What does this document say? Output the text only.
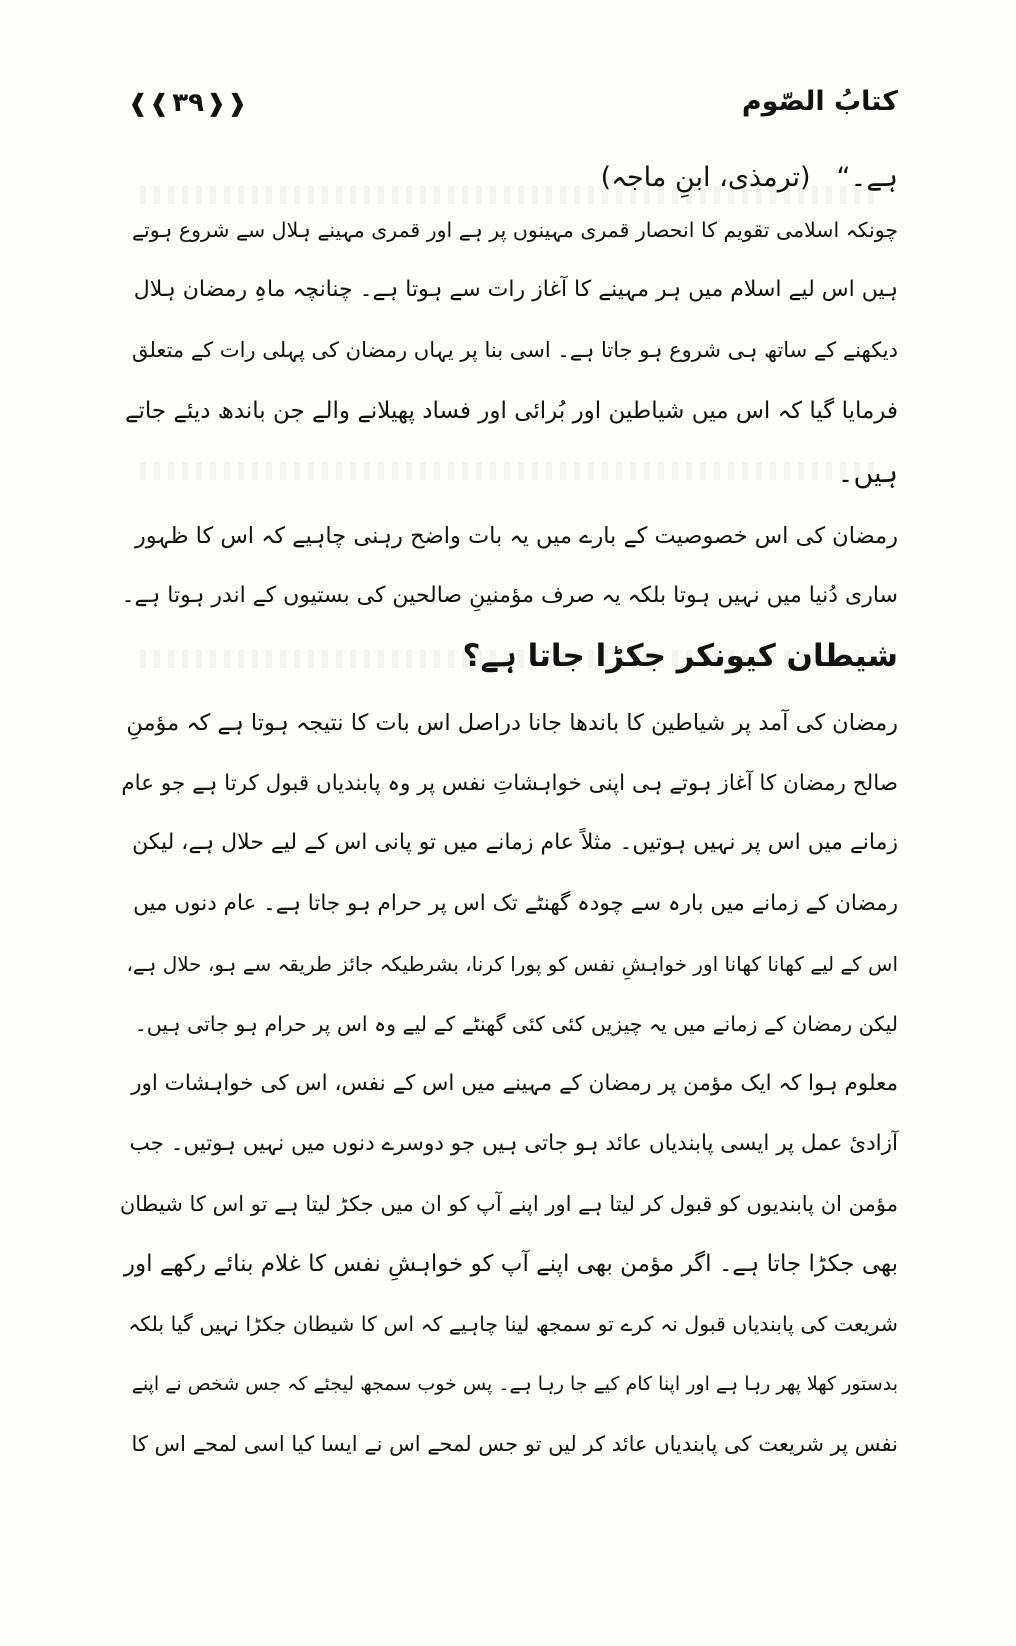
❰❰۳۹❱❱	کتابُ الصّوم
ہے۔“(ترمذی، ابنِ ماجہ)
چونکہ اسلامی تقویم کا انحصار قمری مہینوں پر ہے اور قمری مہینے ہلال سے شروع ہوتے
ہیں اس لیے اسلام میں ہر مہینے کا آغاز رات سے ہوتا ہے۔ چنانچہ ماہِ رمضان ہلال
دیکھنے کے ساتھ ہی شروع ہو جاتا ہے۔ اسی بنا پر یہاں رمضان کی پہلی رات کے متعلق
فرمایا گیا کہ اس میں شیاطین اور بُرائی اور فساد پھیلانے والے جن باندھ دیئے جاتے
ہیں۔
رمضان کی اس خصوصیت کے بارے میں یہ بات واضح رہنی چاہیے کہ اس کا ظہور
ساری دُنیا میں نہیں ہوتا بلکہ یہ صرف مؤمنینِ صالحین کی بستیوں کے اندر ہوتا ہے۔
شیطان کیونکر جکڑا جاتا ہے؟
رمضان کی آمد پر شیاطین کا باندھا جانا دراصل اس بات کا نتیجہ ہوتا ہے کہ مؤمنِ
صالح رمضان کا آغاز ہوتے ہی اپنی خواہشاتِ نفس پر وہ پابندیاں قبول کرتا ہے جو عام
زمانے میں اس پر نہیں ہوتیں۔ مثلاً عام زمانے میں تو پانی اس کے لیے حلال ہے، لیکن
رمضان کے زمانے میں بارہ سے چودہ گھنٹے تک اس پر حرام ہو جاتا ہے۔ عام دنوں میں
اس کے لیے کھانا کھانا اور خواہشِ نفس کو پورا کرنا، بشرطیکہ جائز طریقہ سے ہو، حلال ہے،
لیکن رمضان کے زمانے میں یہ چیزیں کئی کئی گھنٹے کے لیے وہ اس پر حرام ہو جاتی ہیں۔
معلوم ہوا کہ ایک مؤمن پر رمضان کے مہینے میں اس کے نفس، اس کی خواہشات اور
آزادیٔ عمل پر ایسی پابندیاں عائد ہو جاتی ہیں جو دوسرے دنوں میں نہیں ہوتیں۔ جب
مؤمن ان پابندیوں کو قبول کر لیتا ہے اور اپنے آپ کو ان میں جکڑ لیتا ہے تو اس کا شیطان
بھی جکڑا جاتا ہے۔ اگر مؤمن بھی اپنے آپ کو خواہشِ نفس کا غلام بنائے رکھے اور
شریعت کی پابندیاں قبول نہ کرے تو سمجھ لینا چاہیے کہ اس کا شیطان جکڑا نہیں گیا بلکہ
بدستور کھلا پھر رہا ہے اور اپنا کام کیے جا رہا ہے۔ پس خوب سمجھ لیجئے کہ جس شخص نے اپنے
نفس پر شریعت کی پابندیاں عائد کر لیں تو جس لمحے اس نے ایسا کیا اسی لمحے اس کا
